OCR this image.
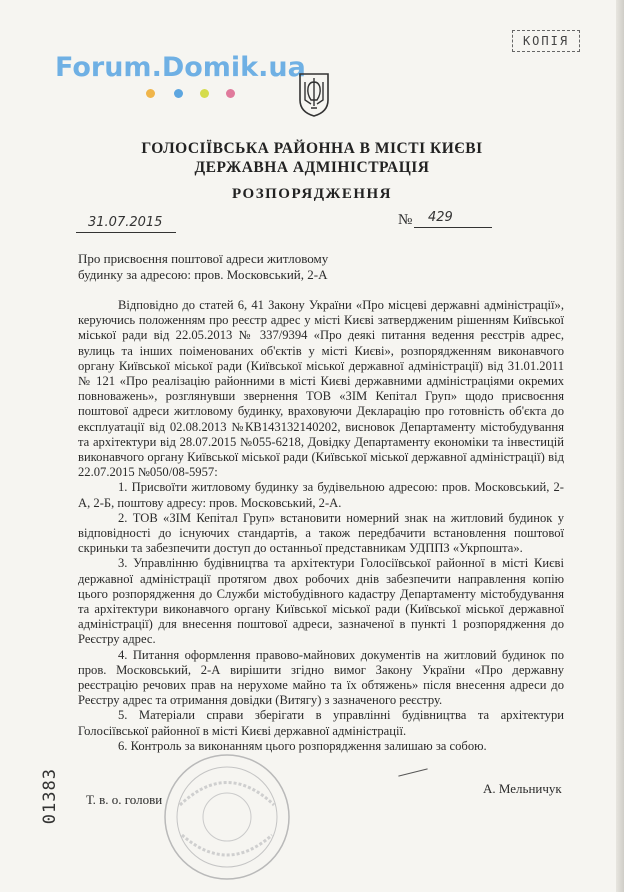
КОПІЯ
Forum.Domik.ua
ГОЛОСІЇВСЬКА РАЙОННА В МІСТІ КИЄВІ
ДЕРЖАВНА АДМІНІСТРАЦІЯ
РОЗПОРЯДЖЕННЯ
31.07.2015	№ 429
Про присвоєння поштової адреси житловому
будинку за адресою: пров. Московський, 2-А

Відповідно до статей 6, 41 Закону України «Про місцеві державні адміністрації», керуючись положенням про реєстр адрес у місті Києві затвердженим рішенням Київської міської ради від 22.05.2013 № 337/9394 «Про деякі питання ведення реєстрів адрес, вулиць та інших поіменованих об'єктів у місті Києві», розпорядженням виконавчого органу Київської міської ради (Київської міської державної адміністрації) від 31.01.2011 № 121 «Про реалізацію районними в місті Києві державними адміністраціями окремих повноважень», розглянувши звернення ТОВ «ЗІМ Кепітал Груп» щодо присвоєння поштової адреси житловому будинку, враховуючи Декларацію про готовність об'єкта до експлуатації від 02.08.2013 №КВ143132140202, висновок Департаменту містобудування та архітектури від 28.07.2015 №055-6218, Довідку Департаменту економіки та інвестицій виконавчого органу Київської міської ради (Київської міської державної адміністрації) від 22.07.2015 №050/08-5957:

1. Присвоїти житловому будинку за будівельною адресою: пров. Московський, 2-А, 2-Б, поштову адресу: пров. Московський, 2-А.

2. ТОВ «ЗІМ Кепітал Груп» встановити номерний знак на житловий будинок у відповідності до існуючих стандартів, а також передбачити встановлення поштової скриньки та забезпечити доступ до останньої представникам УДППЗ «Укрпошта».

3. Управлінню будівництва та архітектури Голосіївської районної в місті Києві державної адміністрації протягом двох робочих днів забезпечити направлення копію цього розпорядження до Служби містобудівного кадастру Департаменту містобудування та архітектури виконавчого органу Київської міської ради (Київської міської державної адміністрації) для внесення поштової адреси, зазначеної в пункті 1 розпорядження до Реєстру адрес.

4. Питання оформлення правово-майнових документів на житловий будинок по пров. Московський, 2-А вирішити згідно вимог Закону України «Про державну реєстрацію речових прав на нерухоме майно та їх обтяжень» після внесення адреси до Реєстру адрес та отримання довідки (Витягу) з зазначеного реєстру.

5. Матеріали справи зберігати в управлінні будівництва та архітектури Голосіївської районної в місті Києві державної адміністрації.

6. Контроль за виконанням цього розпорядження залишаю за собою.

Т. в. о. голови
А. Мельничук
01383
